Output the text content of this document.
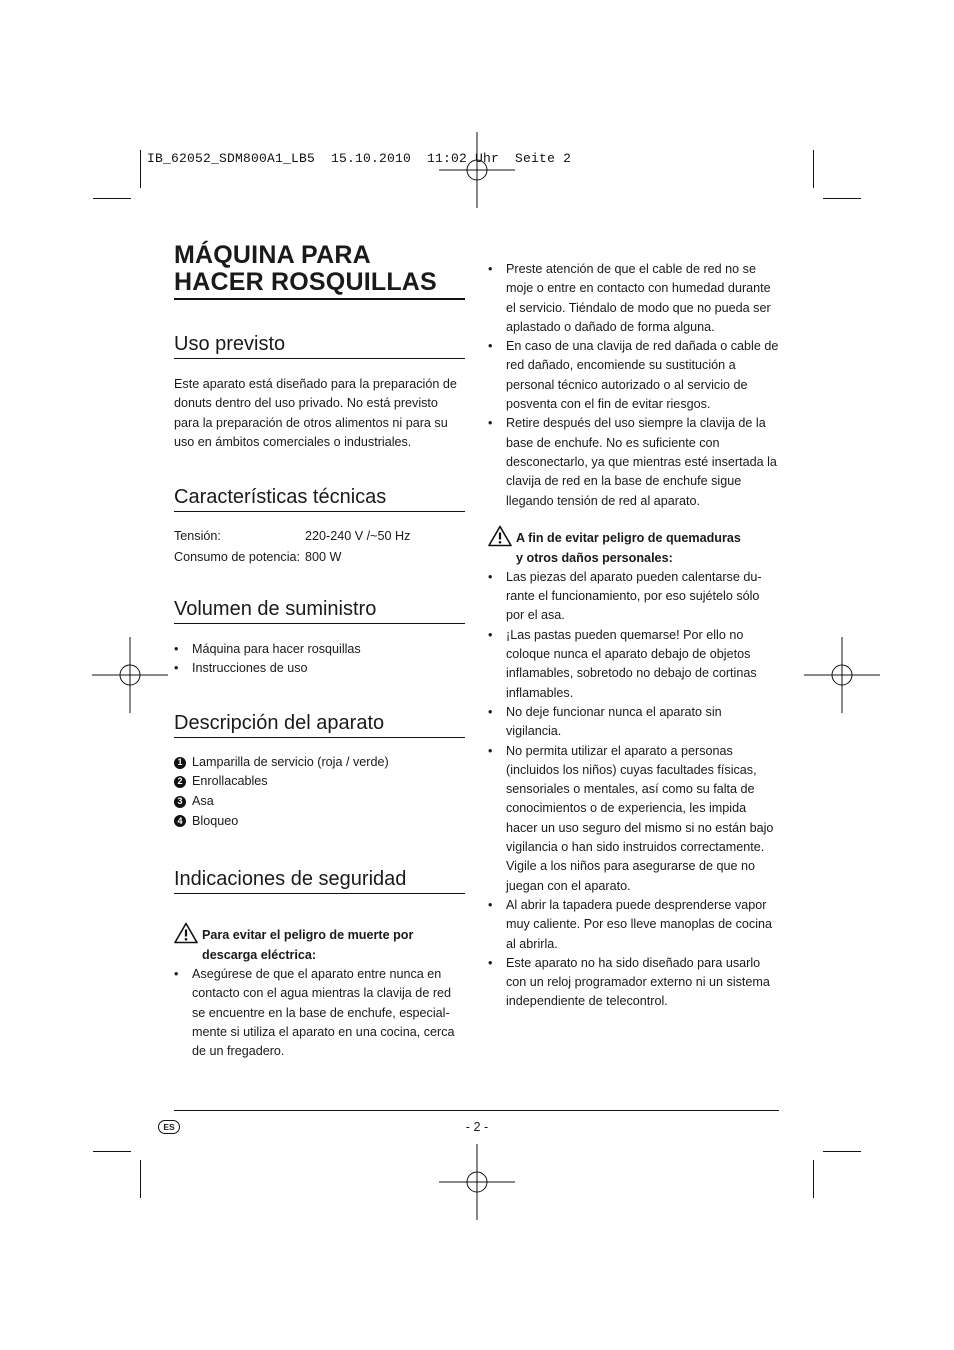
IB_62052_SDM800A1_LB5  15.10.2010  11:02 Uhr  Seite 2
MÁQUINA PARA HACER ROSQUILLAS
Uso previsto

Este aparato está diseñado para la preparación de donuts dentro del uso privado. No está previsto para la preparación de otros alimentos ni para su uso en ámbitos comerciales o industriales.

Características técnicas
Tensión:	220-240 V /~50 Hz
Consumo de potencia: 800 W
Volumen de suministro
• Máquina para hacer rosquillas
• Instrucciones de uso
Descripción del aparato
1 Lamparilla de servicio (roja / verde)
2 Enrollacables
3 Asa
4 Bloqueo
Indicaciones de seguridad
Para evitar el peligro de muerte por
descarga eléctrica:
• Asegúrese de que el aparato entre nunca en contacto con el agua mientras la clavija de red se encuentre en la base de enchufe, especial-mente si utiliza el aparato en una cocina, cerca de un fregadero.
• Preste atención de que el cable de red no se moje o entre en contacto con humedad durante el servicio. Tiéndalo de modo que no pueda ser aplastado o dañado de forma alguna.
• En caso de una clavija de red dañada o cable de red dañado, encomiende su sustitución a personal técnico autorizado o al servicio de posventa con el fin de evitar riesgos.
• Retire después del uso siempre la clavija de la base de enchufe. No es suficiente con desconectarlo, ya que mientras esté insertada la clavija de red en la base de enchufe sigue llegando tensión de red al aparato.
A fin de evitar peligro de quemaduras
y otros daños personales:
• Las piezas del aparato pueden calentarse du-rante el funcionamiento, por eso sujételo sólo por el asa.
• ¡Las pastas pueden quemarse! Por ello no coloque nunca el aparato debajo de objetos inflamables, sobretodo no debajo de cortinas inflamables.
• No deje funcionar nunca el aparato sin vigilancia.
• No permita utilizar el aparato a personas (incluidos los niños) cuyas facultades físicas, sensoriales o mentales, así como su falta de conocimientos o de experiencia, les impida hacer un uso seguro del mismo si no están bajo vigilancia o han sido instruidos correctamente. Vigile a los niños para asegurarse de que no juegan con el aparato.
• Al abrir la tapadera puede desprenderse vapor muy caliente. Por eso lleve manoplas de cocina al abrirla.
• Este aparato no ha sido diseñado para usarlo con un reloj programador externo ni un sistema independiente de telecontrol.
ES	- 2 -
